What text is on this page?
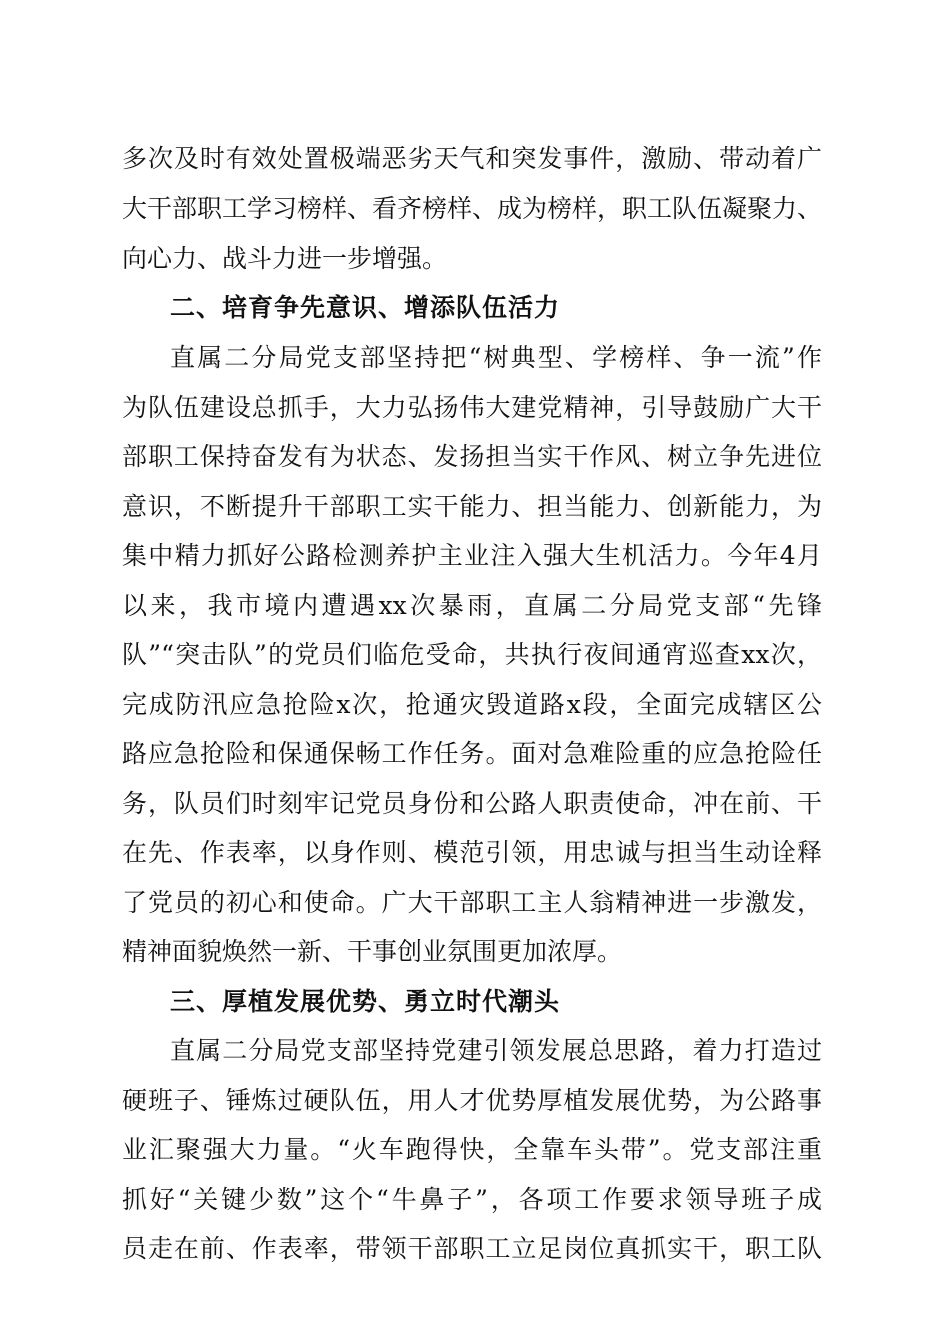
多次及时有效处置极端恶劣天气和突发事件，激励、带动着广
大干部职工学习榜样、看齐榜样、成为榜样，职工队伍凝聚力、
向心力、战斗力进一步增强。
二、培育争先意识、增添队伍活力
直属二分局党支部坚持把“树典型、学榜样、争一流”作
为队伍建设总抓手，大力弘扬伟大建党精神，引导鼓励广大干
部职工保持奋发有为状态、发扬担当实干作风、树立争先进位
意识，不断提升干部职工实干能力、担当能力、创新能力，为
集中精力抓好公路检测养护主业注入强大生机活力。今年4月
以来，我市境内遭遇xx次暴雨，直属二分局党支部“先锋
队”“突击队”的党员们临危受命，共执行夜间通宵巡查xx次，
完成防汛应急抢险x次，抢通灾毁道路x段，全面完成辖区公
路应急抢险和保通保畅工作任务。面对急难险重的应急抢险任
务，队员们时刻牢记党员身份和公路人职责使命，冲在前、干
在先、作表率，以身作则、模范引领，用忠诚与担当生动诠释
了党员的初心和使命。广大干部职工主人翁精神进一步激发，
精神面貌焕然一新、干事创业氛围更加浓厚。
三、厚植发展优势、勇立时代潮头
直属二分局党支部坚持党建引领发展总思路，着力打造过
硬班子、锤炼过硬队伍，用人才优势厚植发展优势，为公路事
业汇聚强大力量。“火车跑得快，全靠车头带”。党支部注重
抓好“关键少数”这个“牛鼻子”，各项工作要求领导班子成
员走在前、作表率，带领干部职工立足岗位真抓实干，职工队
